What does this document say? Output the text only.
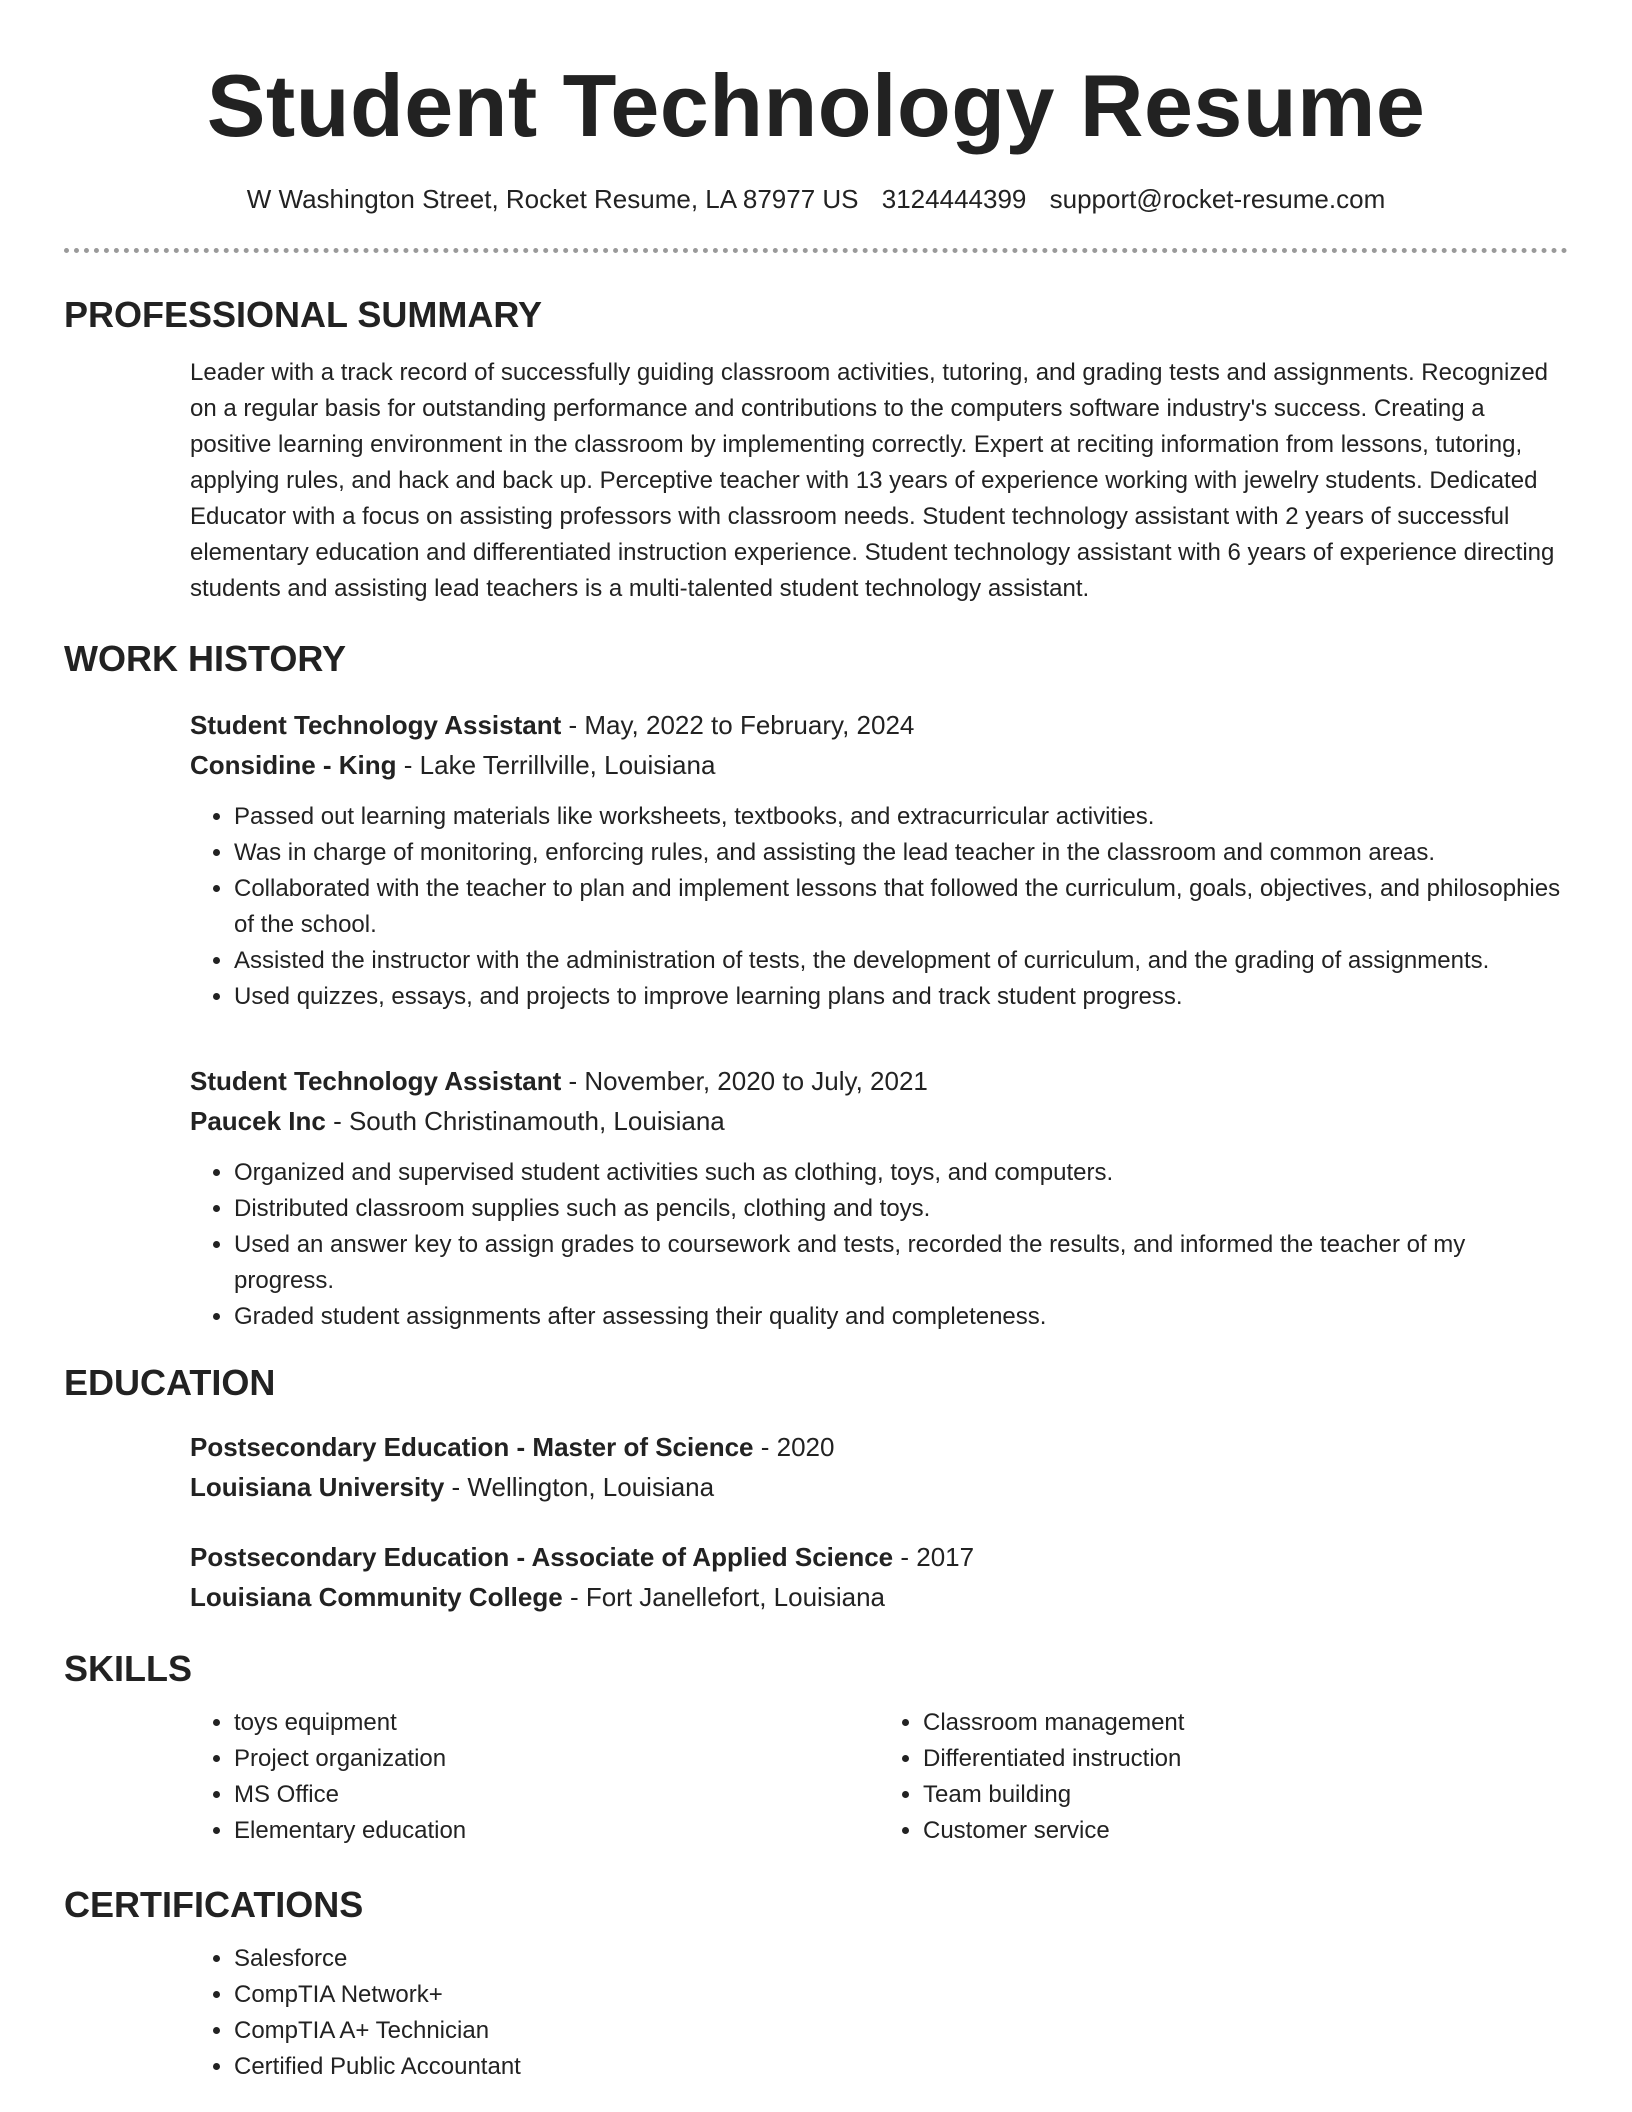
Student Technology Resume
W Washington Street, Rocket Resume, LA 87977 US 3124444399 support@rocket-resume.com
PROFESSIONAL SUMMARY

Leader with a track record of successfully guiding classroom activities, tutoring, and grading tests and assignments. Recognized on a regular basis for outstanding performance and contributions to the computers software industry's success. Creating a positive learning environment in the classroom by implementing correctly. Expert at reciting information from lessons, tutoring, applying rules, and hack and back up. Perceptive teacher with 13 years of experience working with jewelry students. Dedicated Educator with a focus on assisting professors with classroom needs. Student technology assistant with 2 years of successful elementary education and differentiated instruction experience. Student technology assistant with 6 years of experience directing students and assisting lead teachers is a multi-talented student technology assistant.

WORK HISTORY
Student Technology Assistant - May, 2022 to February, 2024
Considine - King - Lake Terrillville, Louisiana
• Passed out learning materials like worksheets, textbooks, and extracurricular activities.
• Was in charge of monitoring, enforcing rules, and assisting the lead teacher in the classroom and common areas.
• Collaborated with the teacher to plan and implement lessons that followed the curriculum, goals, objectives, and philosophies of the school.
• Assisted the instructor with the administration of tests, the development of curriculum, and the grading of assignments.
• Used quizzes, essays, and projects to improve learning plans and track student progress.
Student Technology Assistant - November, 2020 to July, 2021
Paucek Inc - South Christinamouth, Louisiana
• Organized and supervised student activities such as clothing, toys, and computers.
• Distributed classroom supplies such as pencils, clothing and toys.
• Used an answer key to assign grades to coursework and tests, recorded the results, and informed the teacher of my progress.
• Graded student assignments after assessing their quality and completeness.
EDUCATION
Postsecondary Education - Master of Science - 2020
Louisiana University - Wellington, Louisiana
Postsecondary Education - Associate of Applied Science - 2017
Louisiana Community College - Fort Janellefort, Louisiana
SKILLS
• toys equipment
• Project organization
• MS Office
• Elementary education
• Classroom management
• Differentiated instruction
• Team building
• Customer service
CERTIFICATIONS
• Salesforce
• CompTIA Network+
• CompTIA A+ Technician
• Certified Public Accountant
